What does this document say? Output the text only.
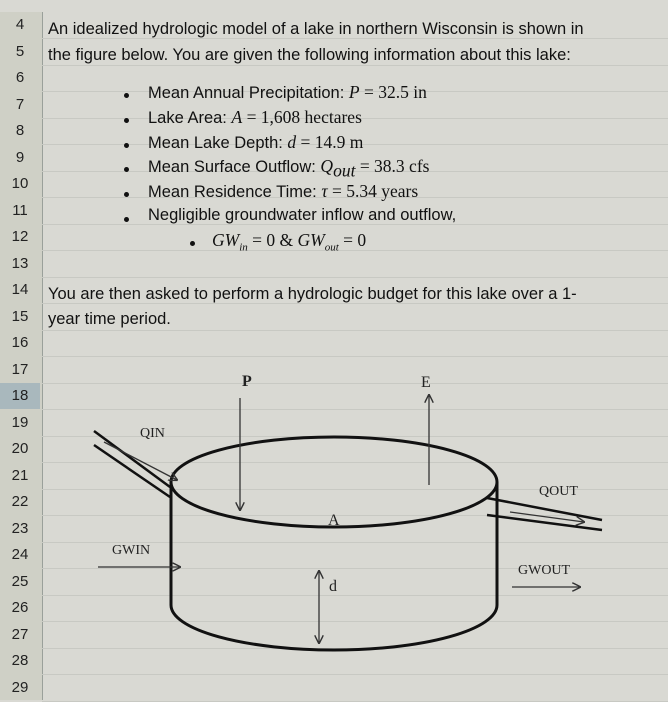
4
5
6
7
8
9
10
11
12
13
14
15
16
17
18
19
20
21
22
23
24
25
26
27
28
29
An idealized hydrologic model of a lake in northern Wisconsin is shown in
the figure below. You are given the following information about this lake:
Mean Annual Precipitation: P = 32.5 in
Lake Area: A = 1,608 hectares
Mean Lake Depth: d = 14.9 m
Mean Surface Outflow: $Q_{out} = 38.3$ cfs
Mean Residence Time: τ = 5.34 years
Negligible groundwater inflow and outflow,
$GW_{in} = 0$ & $GW_{out} = 0$
You are then asked to perform a hydrologic budget for this lake over a 1-
year time period.
P	E
QIN
QOUT
A
d
GWIN
GWOUT
